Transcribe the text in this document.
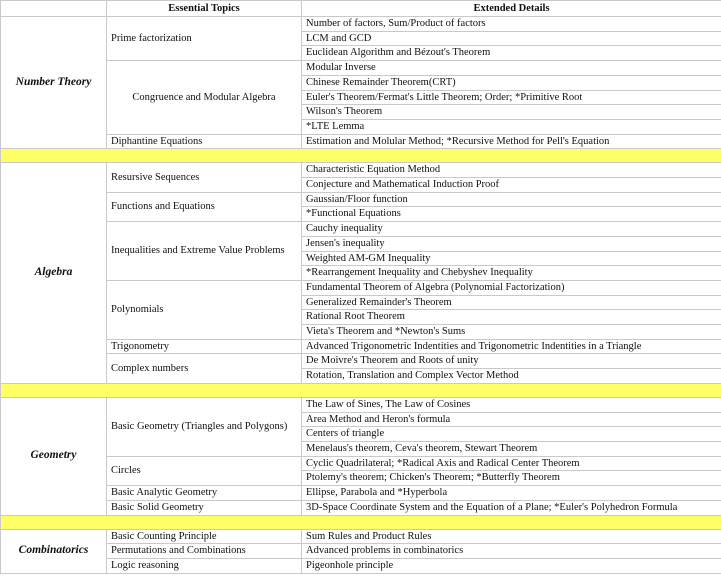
	Essential Topics	Extended Details
Number Theory	Prime factorization	Number of factors, Sum/Product of factors
		LCM and GCD
		Euclidean Algorithm and Bézout's Theorem
	Congruence and Modular Algebra	Modular Inverse
		Chinese Remainder Theorem(CRT)
		Euler's Theorem/Fermat's Little Theorem; Order; *Primitive Root
		Wilson's Theorem
		*LTE Lemma
	Diphantine Equations	Estimation and Molular Method; *Recursive Method for Pell's Equation

Algebra	Resursive Sequences	Characteristic Equation Method
		Conjecture and Mathematical Induction Proof
	Functions and Equations	Gaussian/Floor function
		*Functional Equations
	Inequalities and Extreme Value Problems	Cauchy inequality
		Jensen's inequality
		Weighted AM-GM Inequality
		*Rearrangement Inequality and Chebyshev Inequality
	Polynomials	Fundamental Theorem of Algebra (Polynomial Factorization)
		Generalized Remainder's Theorem
		Rational Root Theorem
		Vieta's Theorem and *Newton's Sums
	Trigonometry	Advanced Trigonometric Indentities and Trigonometric Indentities in a Triangle
	Complex numbers	De Moivre's Theorem and Roots of unity
		Rotation, Translation and Complex Vector Method

Geometry	Basic Geometry (Triangles and Polygons)	The Law of Sines, The Law of Cosines
		Area Method and Heron's formula
		Centers of triangle
		Menelaus's theorem, Ceva's theorem, Stewart Theorem
	Circles	Cyclic Quadrilateral; *Radical Axis and Radical Center Theorem
		Ptolemy's theorem; Chicken's Theorem; *Butterfly Theorem
	Basic Analytic Geometry	Ellipse, Parabola and *Hyperbola
	Basic Solid Geometry	3D-Space Coordinate System and the Equation of a Plane; *Euler's Polyhedron Formula

Combinatorics	Basic Counting Principle	Sum Rules and Product Rules
	Permutations and Combinations	Advanced problems in combinatorics
	Logic reasoning	Pigeonhole principle
